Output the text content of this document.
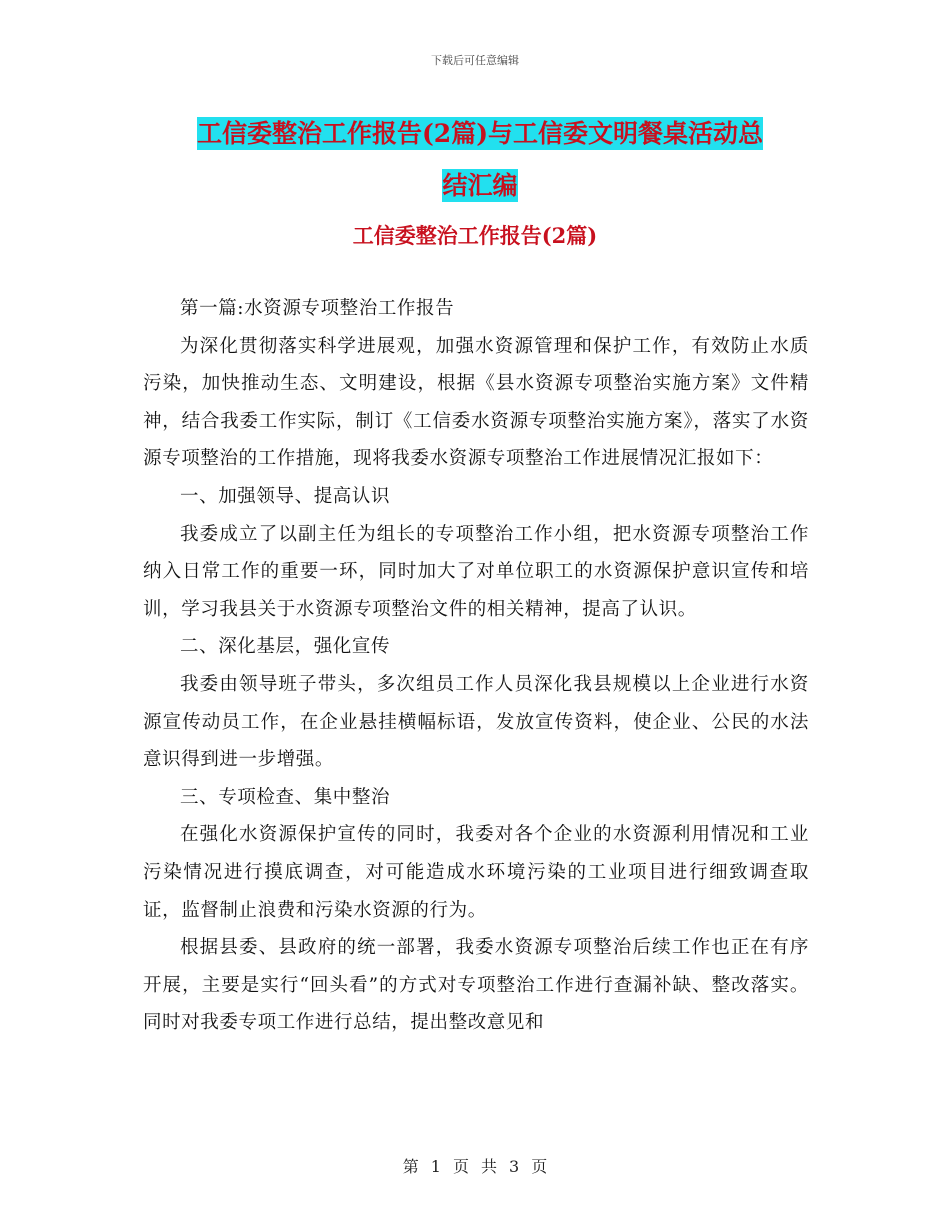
下载后可任意编辑
工信委整治工作报告(2篇)与工信委文明餐桌活动总
结汇编
工信委整治工作报告(2篇)

第一篇:水资源专项整治工作报告

为深化贯彻落实科学进展观，加强水资源管理和保护工作，有效防止水质污染，加快推动生态、文明建设，根据《县水资源专项整治实施方案》文件精神，结合我委工作实际，制订《工信委水资源专项整治实施方案》，落实了水资源专项整治的工作措施，现将我委水资源专项整治工作进展情况汇报如下：

一、加强领导、提高认识

我委成立了以副主任为组长的专项整治工作小组，把水资源专项整治工作纳入日常工作的重要一环，同时加大了对单位职工的水资源保护意识宣传和培训，学习我县关于水资源专项整治文件的相关精神，提高了认识。

二、深化基层，强化宣传

我委由领导班子带头，多次组员工作人员深化我县规模以上企业进行水资源宣传动员工作，在企业悬挂横幅标语，发放宣传资料，使企业、公民的水法意识得到进一步增强。

三、专项检查、集中整治

在强化水资源保护宣传的同时，我委对各个企业的水资源利用情况和工业污染情况进行摸底调查，对可能造成水环境污染的工业项目进行细致调查取证，监督制止浪费和污染水资源的行为。

根据县委、县政府的统一部署，我委水资源专项整治后续工作也正在有序开展，主要是实行“回头看”的方式对专项整治工作进行查漏补缺、整改落实。同时对我委专项工作进行总结，提出整改意见和

第 1 页 共 3 页
